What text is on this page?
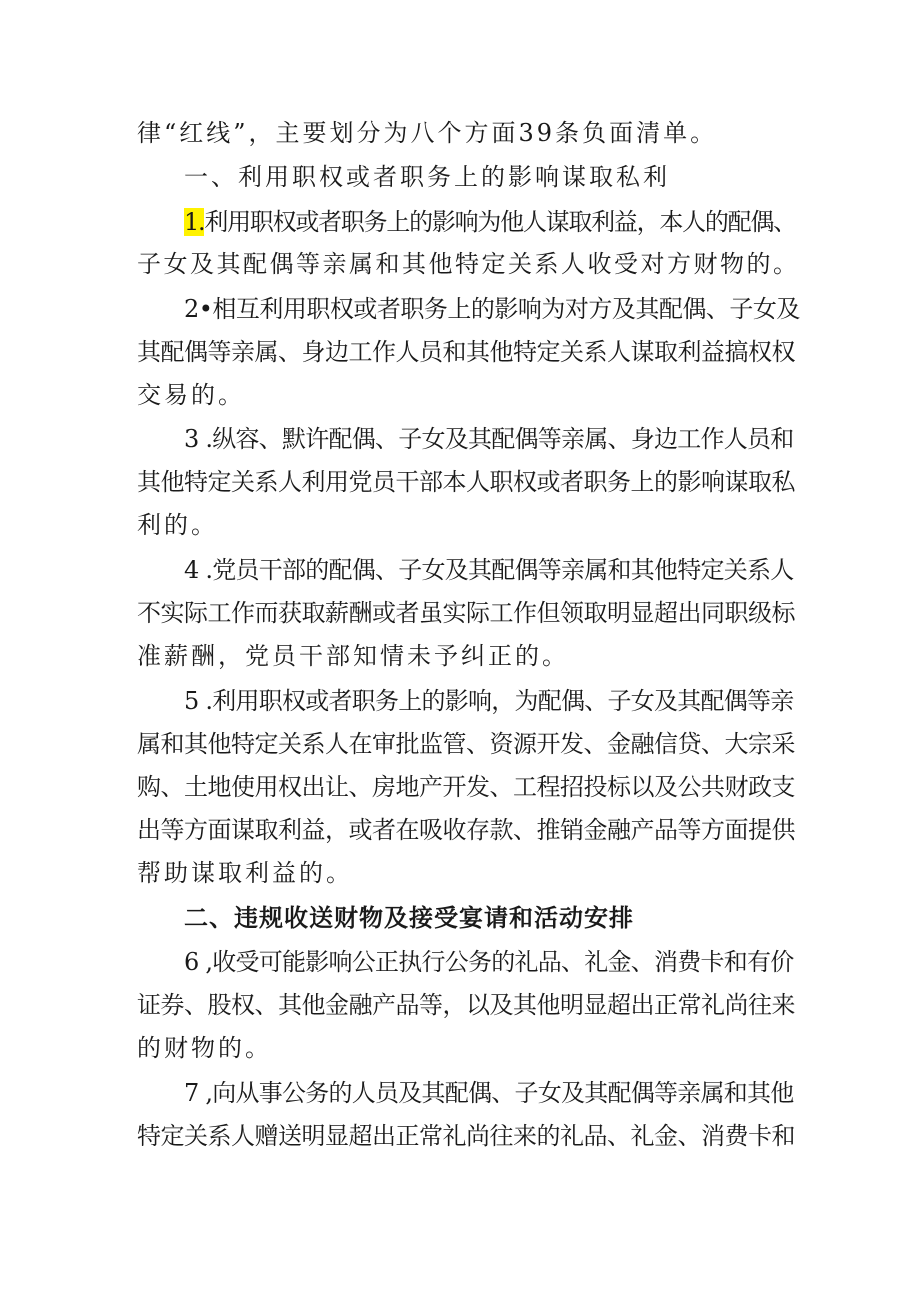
律“红线”，主要划分为八个方面39条负面清单。
一、利用职权或者职务上的影响谋取私利
1.利用职权或者职务上的影响为他人谋取利益，本人的配偶、
子女及其配偶等亲属和其他特定关系人收受对方财物的。
2•相互利用职权或者职务上的影响为对方及其配偶、子女及
其配偶等亲属、身边工作人员和其他特定关系人谋取利益搞权权
交易的。
3 .纵容、默许配偶、子女及其配偶等亲属、身边工作人员和
其他特定关系人利用党员干部本人职权或者职务上的影响谋取私
利的。
4 .党员干部的配偶、子女及其配偶等亲属和其他特定关系人
不实际工作而获取薪酬或者虽实际工作但领取明显超出同职级标
准薪酬，党员干部知情未予纠正的。
5 .利用职权或者职务上的影响，为配偶、子女及其配偶等亲
属和其他特定关系人在审批监管、资源开发、金融信贷、大宗采
购、土地使用权出让、房地产开发、工程招投标以及公共财政支
出等方面谋取利益，或者在吸收存款、推销金融产品等方面提供
帮助谋取利益的。
二、违规收送财物及接受宴请和活动安排
6 ,收受可能影响公正执行公务的礼品、礼金、消费卡和有价
证券、股权、其他金融产品等，以及其他明显超出正常礼尚往来
的财物的。
7 ,向从事公务的人员及其配偶、子女及其配偶等亲属和其他
特定关系人赠送明显超出正常礼尚往来的礼品、礼金、消费卡和
